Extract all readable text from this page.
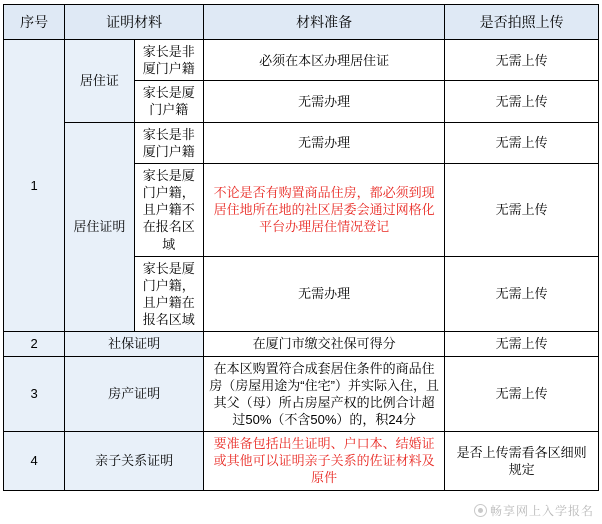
序号	证明材料		材料准备	是否拍照上传
1	居住证	家长是非厦门户籍	必须在本区办理居住证	无需上传
		家长是厦门户籍	无需办理	无需上传
	居住证明	家长是非厦门户籍	无需办理	无需上传
		家长是厦门户籍，且户籍不在报名区域	不论是否有购置商品住房，都必须到现居住地所在地的社区居委会通过网格化平台办理居住情况登记	无需上传
		家长是厦门户籍，且户籍在报名区域	无需办理	无需上传
2	社保证明		在厦门市缴交社保可得分	无需上传
3	房产证明		在本区购置符合成套居住条件的商品住房（房屋用途为“住宅”）并实际入住，且其父（母）所占房屋产权的比例合计超过50%（不含50%）的，积24分	无需上传
4	亲子关系证明		要准备包括出生证明、户口本、结婚证或其他可以证明亲子关系的佐证材料及原件	是否上传需看各区细则规定
畅享网上入学报名
